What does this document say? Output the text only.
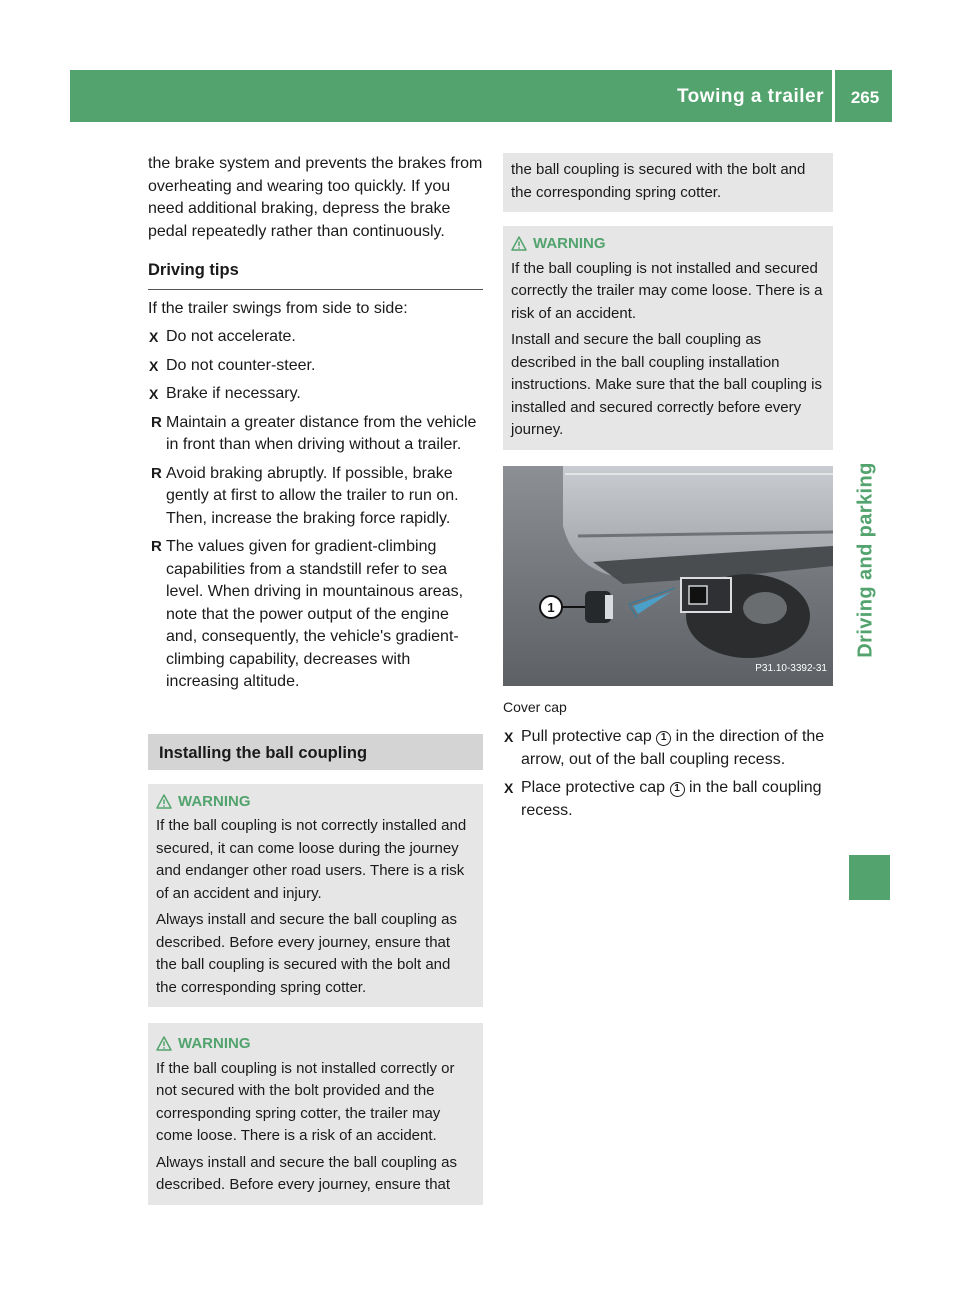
Towing a trailer	265
Driving and parking
the brake system and prevents the brakes from overheating and wearing too quickly. If you need additional braking, depress the brake pedal repeatedly rather than continuously.
Driving tips
If the trailer swings from side to side:
X Do not accelerate.
X Do not counter-steer.
X Brake if necessary.
R Maintain a greater distance from the vehicle in front than when driving without a trailer.
R Avoid braking abruptly. If possible, brake gently at first to allow the trailer to run on. Then, increase the braking force rapidly.
R The values given for gradient-climbing capabilities from a standstill refer to sea level. When driving in mountainous areas, note that the power output of the engine and, consequently, the vehicle's gradient-climbing capability, decreases with increasing altitude.
Installing the ball coupling
WARNING
If the ball coupling is not correctly installed and secured, it can come loose during the journey and endanger other road users. There is a risk of an accident and injury.
Always install and secure the ball coupling as described. Before every journey, ensure that the ball coupling is secured with the bolt and the corresponding spring cotter.
WARNING
If the ball coupling is not installed correctly or not secured with the bolt provided and the corresponding spring cotter, the trailer may come loose. There is a risk of an accident.
Always install and secure the ball coupling as described. Before every journey, ensure that
the ball coupling is secured with the bolt and the corresponding spring cotter.
WARNING
If the ball coupling is not installed and secured correctly the trailer may come loose. There is a risk of an accident.
Install and secure the ball coupling as described in the ball coupling installation instructions. Make sure that the ball coupling is installed and secured correctly before every journey.
1
P31.10-3392-31
Cover cap
X Pull protective cap 1 in the direction of the arrow, out of the ball coupling recess.
X Place protective cap 1 in the ball coupling recess.
